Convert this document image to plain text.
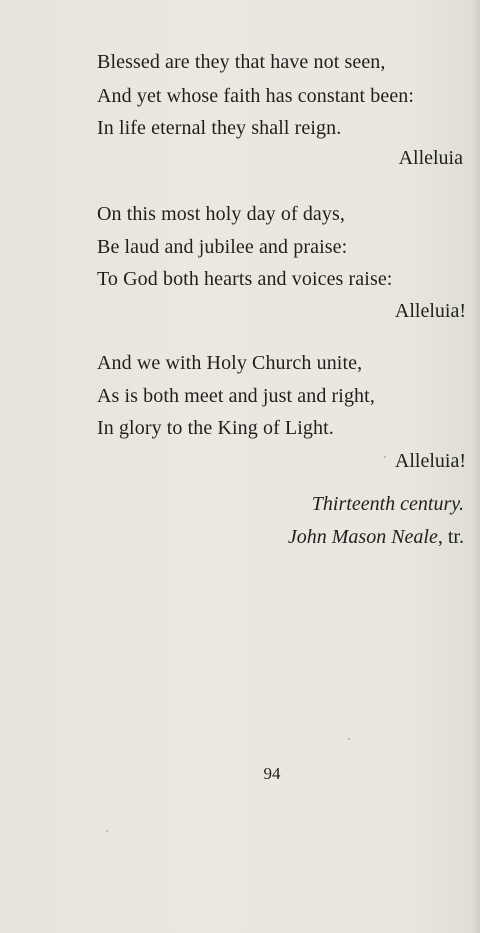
Blessed are they that have not seen,
And yet whose faith has constant been:
In life eternal they shall reign.
Alleluia
On this most holy day of days,
Be laud and jubilee and praise:
To God both hearts and voices raise:
Alleluia!
And we with Holy Church unite,
As is both meet and just and right,
In glory to the King of Light.
Alleluia!
Thirteenth century.
John Mason Neale, tr.
94
